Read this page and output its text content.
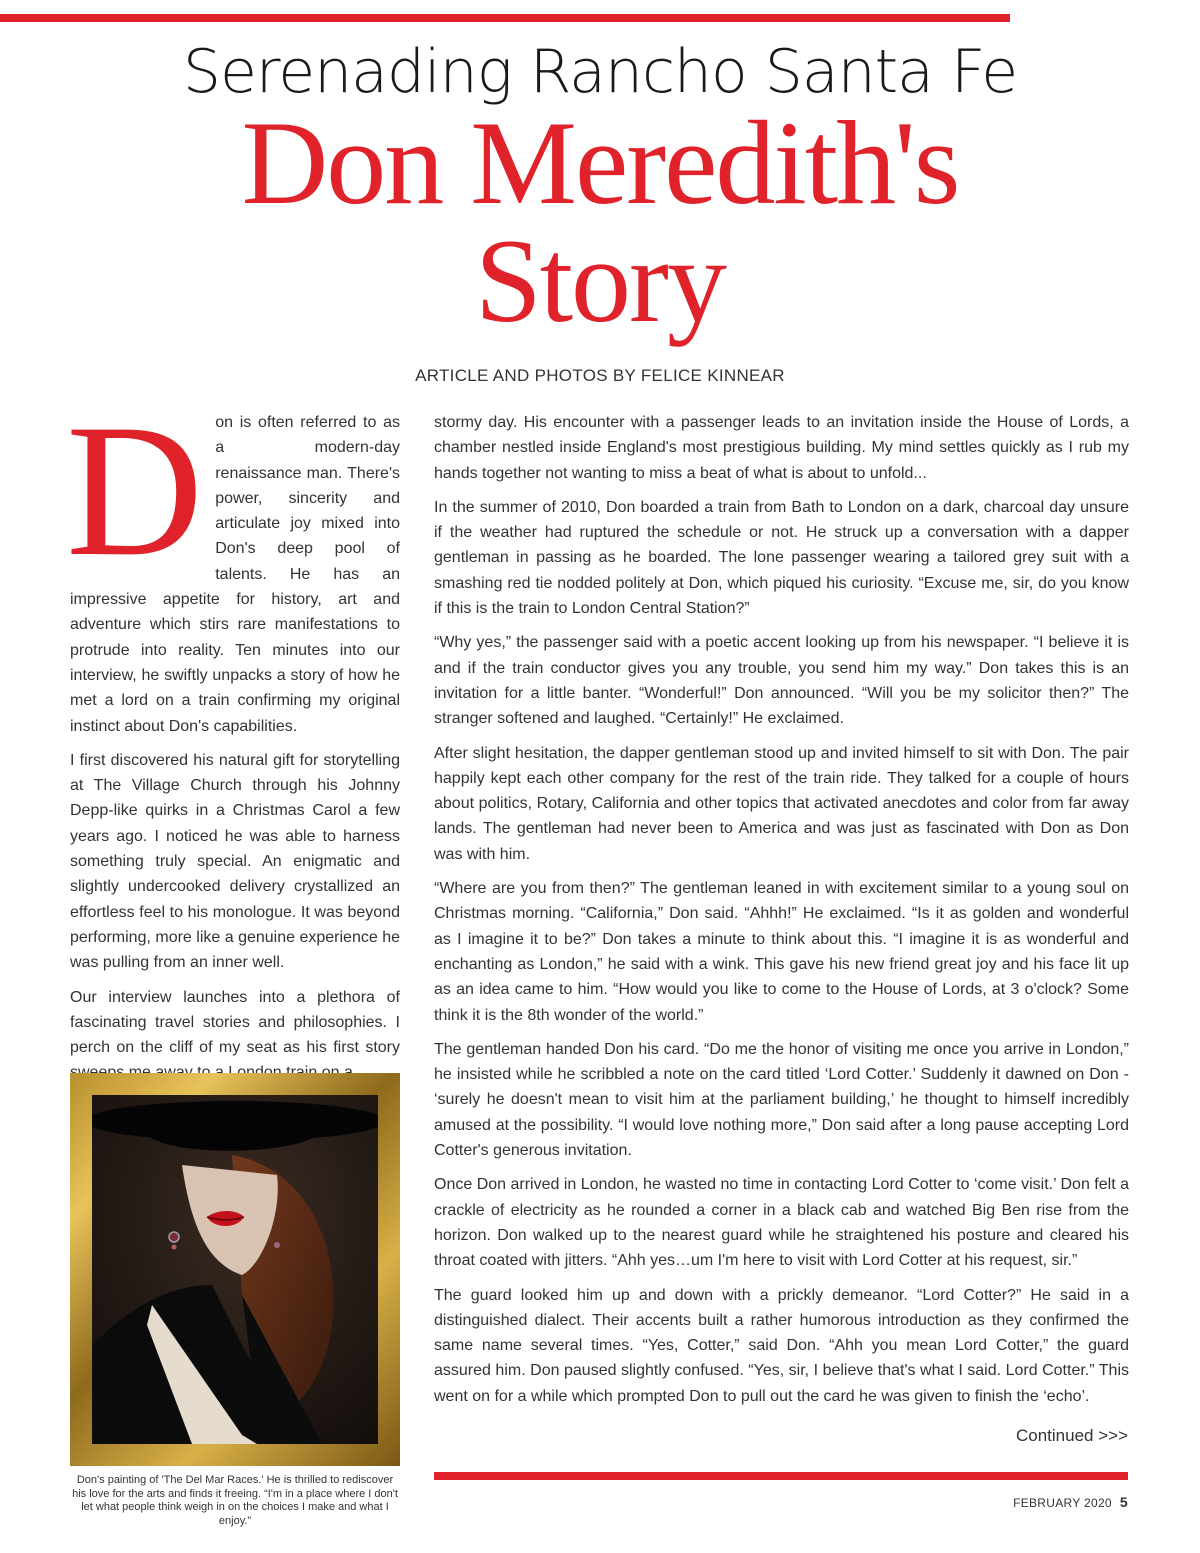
Serenading Rancho Santa Fe
Don Meredith's
Story
ARTICLE AND PHOTOS BY FELICE KINNEAR

Don is often referred to as a modern-day renaissance man. There's power, sincerity and articulate joy mixed into Don's deep pool of talents. He has an impressive appetite for history, art and adventure which stirs rare manifestations to protrude into reality. Ten minutes into our interview, he swiftly unpacks a story of how he met a lord on a train confirming my original instinct about Don's capabilities.

I first discovered his natural gift for storytelling at The Village Church through his Johnny Depp-like quirks in a Christmas Carol a few years ago. I noticed he was able to harness something truly special. An enigmatic and slightly undercooked delivery crystallized an effortless feel to his monologue. It was beyond performing, more like a genuine experience he was pulling from an inner well.

Our interview launches into a plethora of fascinating travel stories and philosophies. I perch on the cliff of my seat as his first story

Don's painting of 'The Del Mar Races.' He is thrilled to rediscover his love for the arts and finds it freeing. “I'm in a place where I don't let what people think weigh in on the choices I make and what I enjoy.”

stormy day. His encounter with a passenger leads to an invitation inside the House of Lords, a chamber nestled inside England's most prestigious building. My mind settles quickly as I rub my hands together not wanting to miss a beat of what is about to unfold...

In the summer of 2010, Don boarded a train from Bath to London on a dark, charcoal day unsure if the weather had ruptured the schedule or not. He struck up a conversation with a dapper gentleman in passing as he boarded. The lone passenger wearing a tailored grey suit with a smashing red tie nodded politely at Don, which piqued his curiosity. “Excuse me, sir, do you know if this is the train to London Central Station?”

“Why yes,” the passenger said with a poetic accent looking up from his newspaper. “I believe it is and if the train conductor gives you any trouble, you send him my way.” Don takes this is an invitation for a little banter. “Wonderful!” Don announced. “Will you be my solicitor then?” The stranger softened and laughed. “Certainly!” He exclaimed.

After slight hesitation, the dapper gentleman stood up and invited himself to sit with Don. The pair happily kept each other company for the rest of the train ride. They talked for a couple of hours about politics, Rotary, California and other topics that activated anecdotes and color from far away lands. The gentleman had never been to America and was just as fascinated with Don as Don was with him.

“Where are you from then?” The gentleman leaned in with excitement similar to a young soul on Christmas morning. “California,” Don said. “Ahhh!” He exclaimed. “Is it as golden and wonderful as I imagine it to be?” Don takes a minute to think about this. “I imagine it is as wonderful and enchanting as London,” he said with a wink. This gave his new friend great joy and his face lit up as an idea came to him. “How would you like to come to the House of Lords, at 3 o'clock? Some think it is the 8th wonder of the world.”

The gentleman handed Don his card. “Do me the honor of visiting me once you arrive in London,” he insisted while he scribbled a note on the card titled ‘Lord Cotter.’ Suddenly it dawned on Don - ‘surely he doesn't mean to visit him at the parliament building,’ he thought to himself incredibly amused at the possibility. “I would love nothing more,” Don said after a long pause accepting Lord Cotter's generous invitation.

Once Don arrived in London, he wasted no time in contacting Lord Cotter to ‘come visit.’ Don felt a crackle of electricity as he rounded a corner in a black cab and watched Big Ben rise from the horizon. Don walked up to the nearest guard while he straightened his posture and cleared his throat coated with jitters. “Ahh yes…um I'm here to visit with Lord Cotter at his request, sir.”

The guard looked him up and down with a prickly demeanor. “Lord Cotter?” He said in a distinguished dialect. Their accents built a rather humorous introduction as they confirmed the same name several times. “Yes, Cotter,” said Don. “Ahh you mean Lord Cotter,” the guard assured him. Don paused slightly confused. “Yes, sir, I believe that's what I said. Lord Cotter.” This went on for a while which prompted Don to pull out the card he was given to finish the ‘echo’.

Continued >>>
FEBRUARY 2020 5
